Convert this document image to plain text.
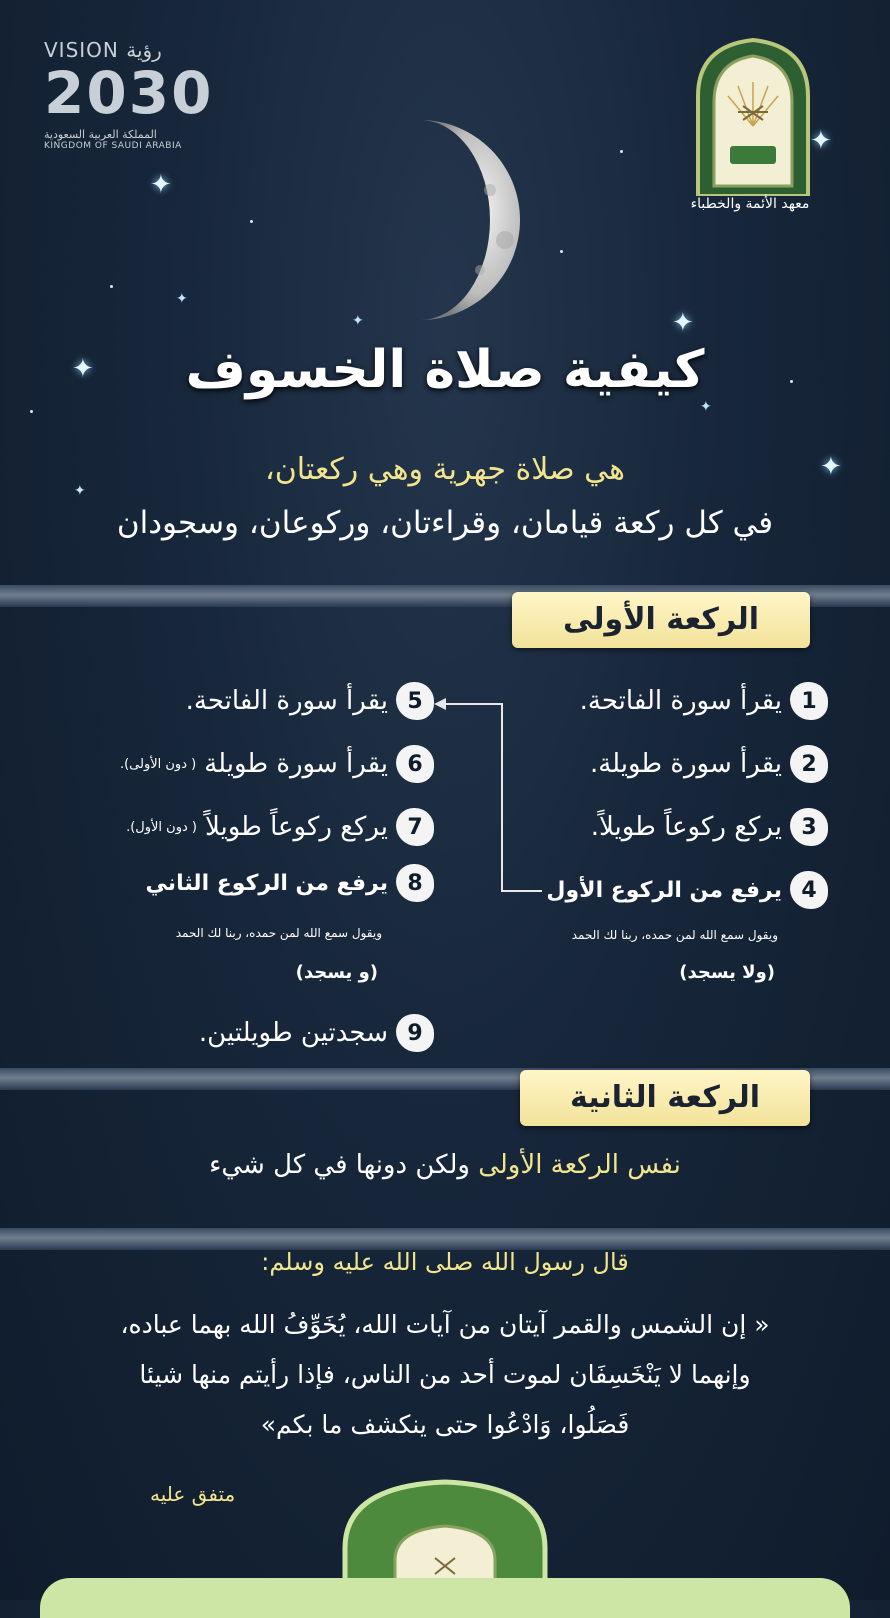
✦
✦
✦
✦
✦
✦
✦
✦
✦
VISION رؤية
2030
المملكة العربية السعودية
KINGDOM OF SAUDI ARABIA
معهد الأئمة والخطباء
كيفية صلاة الخسوف
هي صلاة جهرية وهي ركعتان،
في كل ركعة قيامان، وقراءتان، وركوعان، وسجودان
الركعة الأولى
1
يقرأ سورة الفاتحة.
2
يقرأ سورة طويلة.
3
يركع ركوعاً طويلاً.
4
يرفع من الركوع الأول
ويقول سمع الله لمن حمده، ربنا لك الحمد
(ولا يسجد)
5
يقرأ سورة الفاتحة.
6
يقرأ سورة طويلة
( دون الأولى).
7
يركع ركوعاً طويلاً
( دون الأول).
8
يرفع من الركوع الثاني
ويقول سمع الله لمن حمده، ربنا لك الحمد
(و يسجد)
9
سجدتين طويلتين.
الركعة الثانية
نفس الركعة الأولى ولكن دونها في كل شيء
قال رسول الله صلى الله عليه وسلم:
« إن الشمس والقمر آيتان من آيات الله، يُخَوِّفُ الله بهما عباده،
وإنهما لا يَنْخَسِفَان لموت أحد من الناس، فإذا رأيتم منها شيئا
فَصَلُوا، وَادْعُوا حتى ينكشف ما بكم»
متفق عليه
